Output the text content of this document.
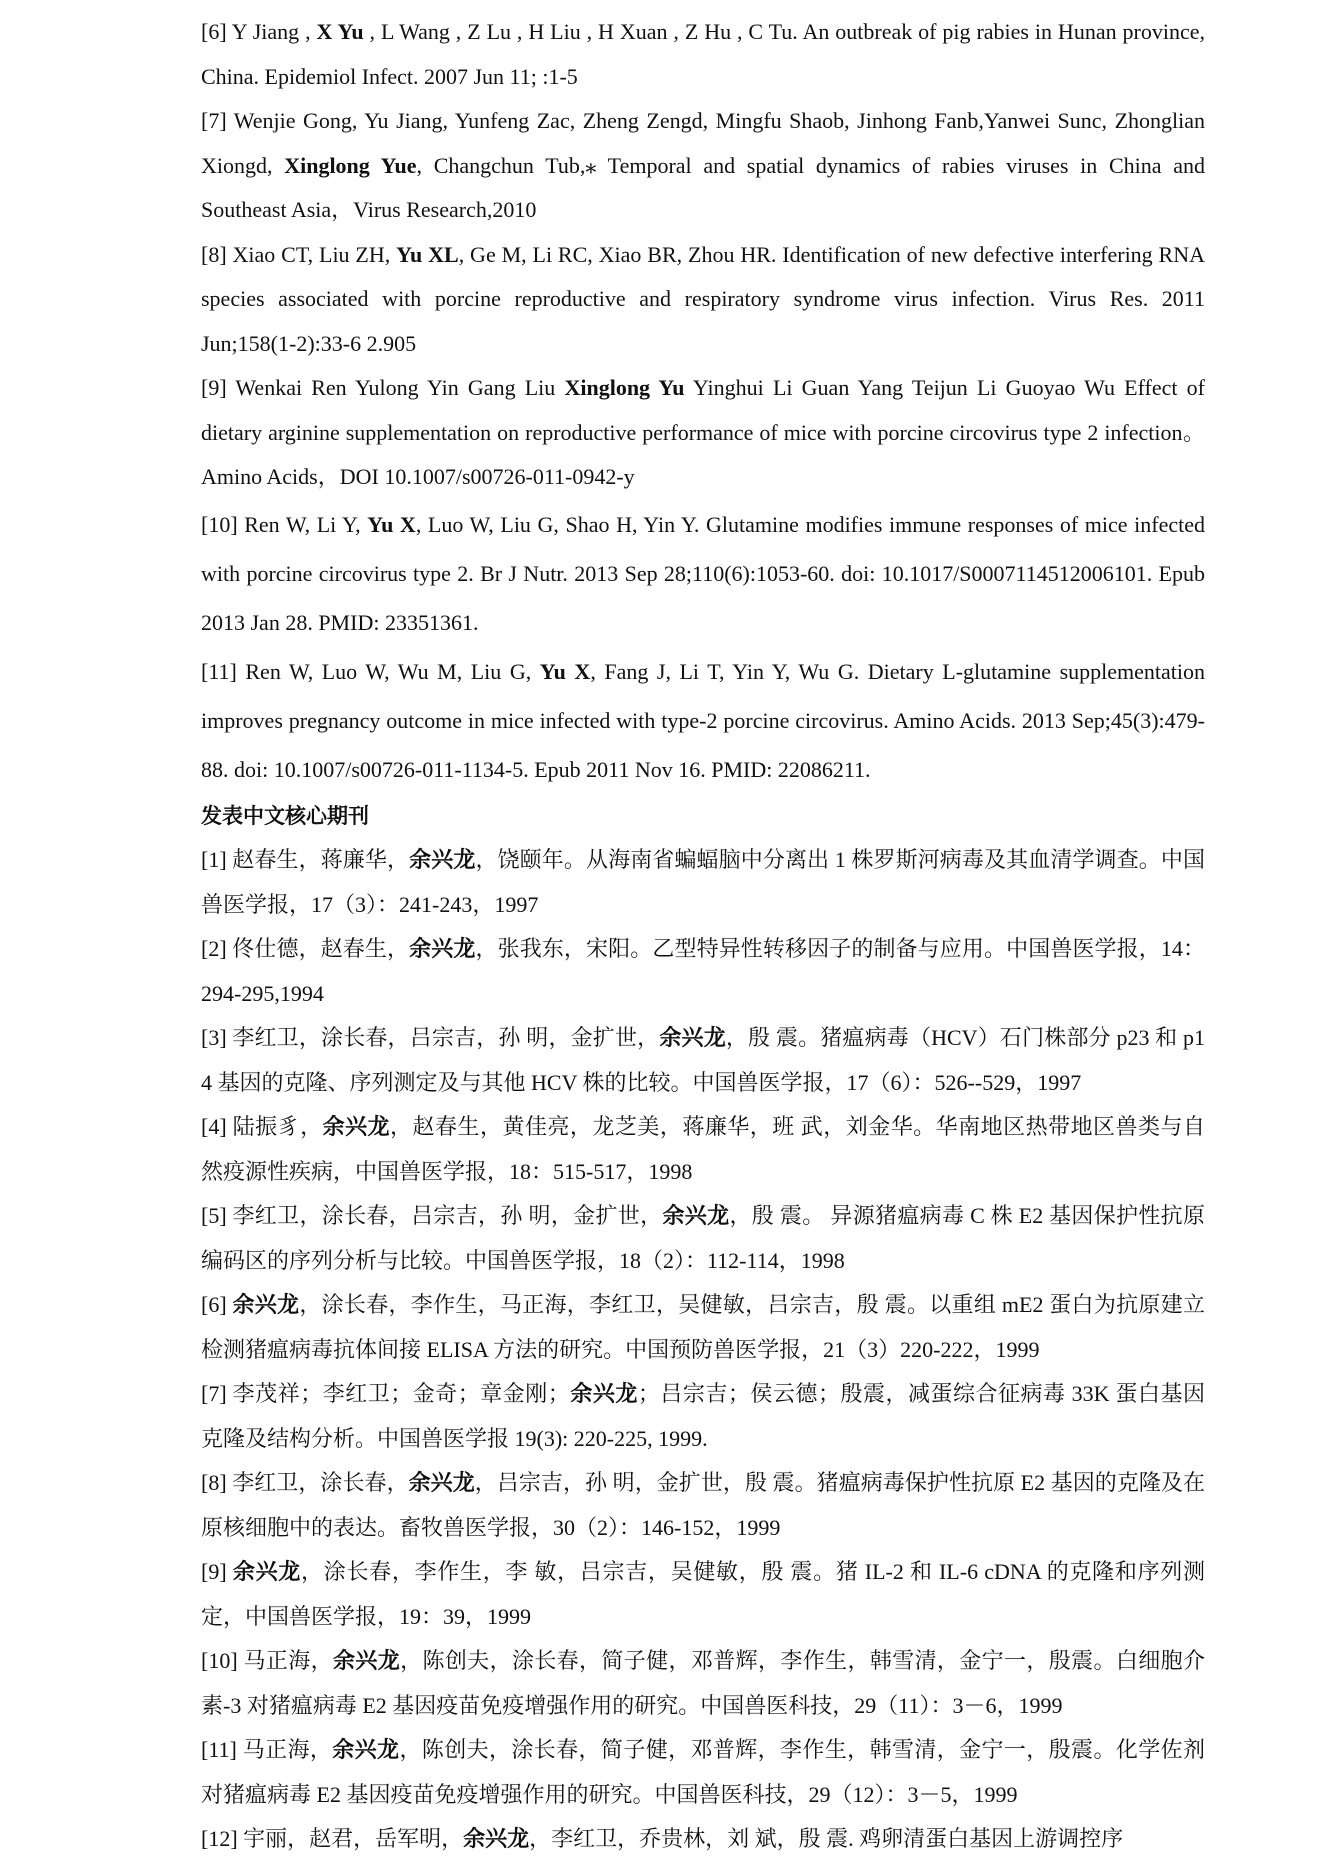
[6] Y Jiang , X Yu , L Wang , Z Lu , H Liu , H Xuan , Z Hu , C Tu. An outbreak of pig rabies in Hunan province, China. Epidemiol Infect. 2007 Jun 11; :1-5

[7] Wenjie Gong, Yu Jiang, Yunfeng Zac, Zheng Zengd, Mingfu Shaob, Jinhong Fanb,Yanwei Sunc, Zhonglian Xiongd, Xinglong Yue, Changchun Tub,⁎ Temporal and spatial dynamics of rabies viruses in China and Southeast Asia，Virus Research,2010

[8] Xiao CT, Liu ZH, Yu XL, Ge M, Li RC, Xiao BR, Zhou HR. Identification of new defective interfering RNA species associated with porcine reproductive and respiratory syndrome virus infection. Virus Res. 2011 Jun;158(1-2):33-6 2.905

[9] Wenkai Ren Yulong Yin Gang Liu Xinglong Yu Yinghui Li Guan Yang Teijun Li Guoyao Wu Effect of dietary arginine supplementation on reproductive performance of mice with porcine circovirus type 2 infection。Amino Acids，DOI 10.1007/s00726-011-0942-y

[10] Ren W, Li Y, Yu X, Luo W, Liu G, Shao H, Yin Y. Glutamine modifies immune responses of mice infected with porcine circovirus type 2. Br J Nutr. 2013 Sep 28;110(6):1053-60. doi: 10.1017/S0007114512006101. Epub 2013 Jan 28. PMID: 23351361.

[11] Ren W, Luo W, Wu M, Liu G, Yu X, Fang J, Li T, Yin Y, Wu G. Dietary L-glutamine supplementation improves pregnancy outcome in mice infected with type-2 porcine circovirus. Amino Acids. 2013 Sep;45(3):479-88. doi: 10.1007/s00726-011-1134-5. Epub 2011 Nov 16. PMID: 22086211.

发表中文核心期刊

[1] 赵春生，蒋廉华，余兴龙，饶颐年。从海南省蝙蝠脑中分离出 1 株罗斯河病毒及其血清学调查。中国兽医学报，17（3）：241-243，1997

[2] 佟仕德，赵春生，余兴龙，张我东，宋阳。乙型特异性转移因子的制备与应用。中国兽医学报，14：294-295,1994

[3] 李红卫，涂长春，吕宗吉，孙 明，金扩世，余兴龙，殷 震。猪瘟病毒（HCV）石门株部分 p23 和 p14 基因的克隆、序列测定及与其他 HCV 株的比较。中国兽医学报，17（6）：526--529，1997

[4] 陆振豸，余兴龙，赵春生，黄佳亮，龙芝美，蒋廉华，班 武，刘金华。华南地区热带地区兽类与自然疫源性疾病，中国兽医学报，18：515-517，1998

[5] 李红卫，涂长春，吕宗吉，孙 明，金扩世，余兴龙，殷 震。 异源猪瘟病毒 C 株 E2 基因保护性抗原编码区的序列分析与比较。中国兽医学报，18（2）：112-114，1998

[6] 余兴龙，涂长春，李作生，马正海，李红卫，吴健敏，吕宗吉，殷 震。以重组 mE2 蛋白为抗原建立检测猪瘟病毒抗体间接 ELISA 方法的研究。中国预防兽医学报，21（3）220-222，1999

[7] 李茂祥；李红卫；金奇；章金刚；余兴龙；吕宗吉；侯云德；殷震，减蛋综合征病毒 33K 蛋白基因克隆及结构分析。中国兽医学报 19(3): 220-225, 1999.

[8] 李红卫，涂长春，余兴龙，吕宗吉，孙 明，金扩世，殷 震。猪瘟病毒保护性抗原 E2 基因的克隆及在原核细胞中的表达。畜牧兽医学报，30（2）：146-152，1999

[9] 余兴龙，涂长春，李作生，李 敏，吕宗吉，吴健敏，殷 震。猪 IL-2 和 IL-6 cDNA 的克隆和序列测定，中国兽医学报，19：39，1999

[10] 马正海，余兴龙，陈创夫，涂长春，简子健，邓普辉，李作生，韩雪清，金宁一，殷震。白细胞介素-3 对猪瘟病毒 E2 基因疫苗免疫增强作用的研究。中国兽医科技，29（11）：3－6，1999

[11] 马正海，余兴龙，陈创夫，涂长春，简子健，邓普辉，李作生，韩雪清，金宁一，殷震。化学佐剂对猪瘟病毒 E2 基因疫苗免疫增强作用的研究。中国兽医科技，29（12）：3－5，1999

[12] 宇丽，赵君，岳军明，余兴龙，李红卫，乔贵林，刘 斌，殷 震. 鸡卵清蛋白基因上游调控序
